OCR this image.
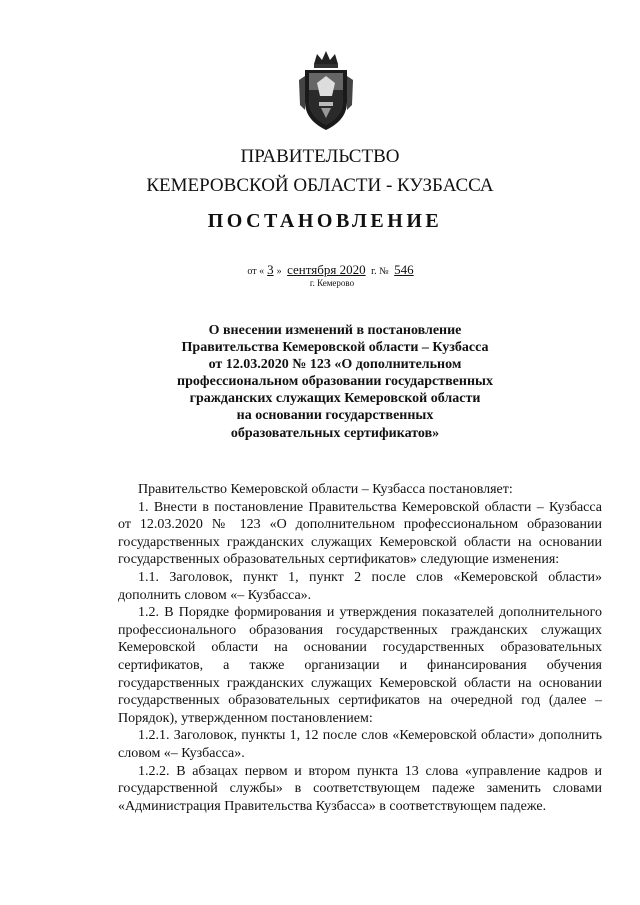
ПРАВИТЕЛЬСТВО
КЕМЕРОВСКОЙ ОБЛАСТИ - КУЗБАССА
ПОСТАНОВЛЕНИЕ
от « 3 » сентября 2020 г. № 546
г. Кемерово
О внесении изменений в постановление
Правительства Кемеровской области – Кузбасса
от 12.03.2020 № 123 «О дополнительном
профессиональном образовании государственных
гражданских служащих Кемеровской области
на основании государственных
образовательных сертификатов»

Правительство Кемеровской области – Кузбасса постановляет:

1. Внести в постановление Правительства Кемеровской области – Кузбасса от 12.03.2020 № 123 «О дополнительном профессиональном образовании государственных гражданских служащих Кемеровской области на основании государственных образовательных сертификатов» следующие изменения:

1.1. Заголовок, пункт 1, пункт 2 после слов «Кемеровской области» дополнить словом «– Кузбасса».

1.2. В Порядке формирования и утверждения показателей дополнительного профессионального образования государственных гражданских служащих Кемеровской области на основании государственных образовательных сертификатов, а также организации и финансирования обучения государственных гражданских служащих Кемеровской области на основании государственных образовательных сертификатов на очередной год (далее – Порядок), утвержденном постановлением:

1.2.1. Заголовок, пункты 1, 12 после слов «Кемеровской области» дополнить словом «– Кузбасса».

1.2.2. В абзацах первом и втором пункта 13 слова «управление кадров и государственной службы» в соответствующем падеже заменить словами «Администрация Правительства Кузбасса» в соответствующем падеже.
